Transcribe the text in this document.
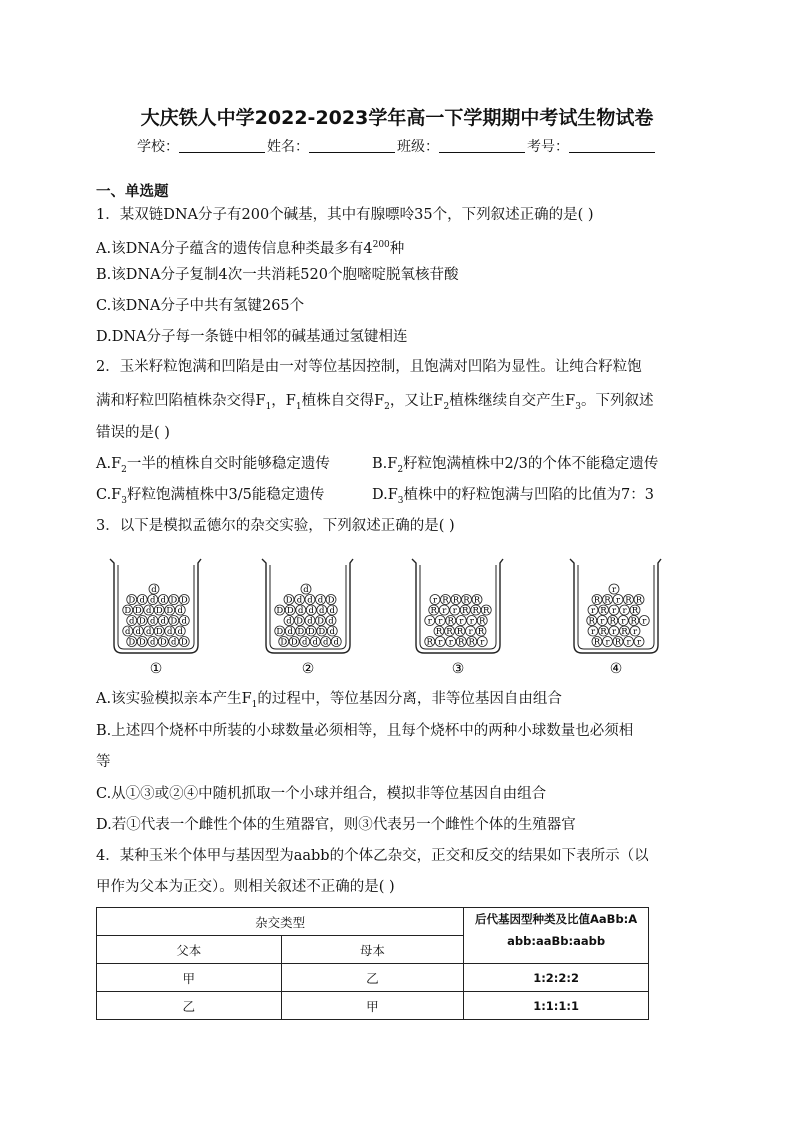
大庆铁人中学2022-2023学年高一下学期期中考试生物试卷
学校：	姓名：	班级：	考号：
一、单选题
1．某双链DNA分子有200个碱基，其中有腺嘌呤35个，下列叙述正确的是( )
A.该DNA分子蕴含的遗传信息种类最多有$4^{200}$种
B.该DNA分子复制4次一共消耗520个胞嘧啶脱氧核苷酸
C.该DNA分子中共有氢键265个
D.DNA分子每一条链中相邻的碱基通过氢键相连
2．玉米籽粒饱满和凹陷是由一对等位基因控制，且饱满对凹陷为显性。让纯合籽粒饱
满和籽粒凹陷植株杂交得$F_1$，$F_1$植株自交得$F_2$，又让$F_2$植株继续自交产生$F_3$。下列叙述
错误的是( )
$A.F_2$一半的植株自交时能够稳定遗传	$B.F_2$籽粒饱满植株中2/3的个体不能稳定遗传
$C.F_3$籽粒饱满植株中3/5能稳定遗传	$D.F_3$植株中的籽粒饱满与凹陷的比值为7：3
3．以下是模拟孟德尔的杂交实验，下列叙述正确的是( )
d
D d d d D D
D D d D D d
d D d d D d
d d d D d d
D D d D d D
①
d
D d d d D
D D d d d d
d D d D d
D d D D D d
D D d d d d
②
r R R R R
R r r R R R
r r R r r R
R R R r R
R r r R R r
③
r
R R r R R
r R r r R
R r R r R r
r R r R r
R r R r r
④
A.该实验模拟亲本产生$F_1$的过程中，等位基因分离，非等位基因自由组合
B.上述四个烧杯中所装的小球数量必须相等，且每个烧杯中的两种小球数量也必须相
等
C.从①③或②④中随机抓取一个小球并组合，模拟非等位基因自由组合
D.若①代表一个雌性个体的生殖器官，则③代表另一个雌性个体的生殖器官
4．某种玉米个体甲与基因型为aabb的个体乙杂交，正交和反交的结果如下表所示（以
甲作为父本为正交）。则相关叙述不正确的是( )
杂交类型		后代基因型种类及比值AaBb:A
abb:aaBb:aabb

父本	母本	
甲	乙	1:2:2:2
乙	甲	1:1:1:1
